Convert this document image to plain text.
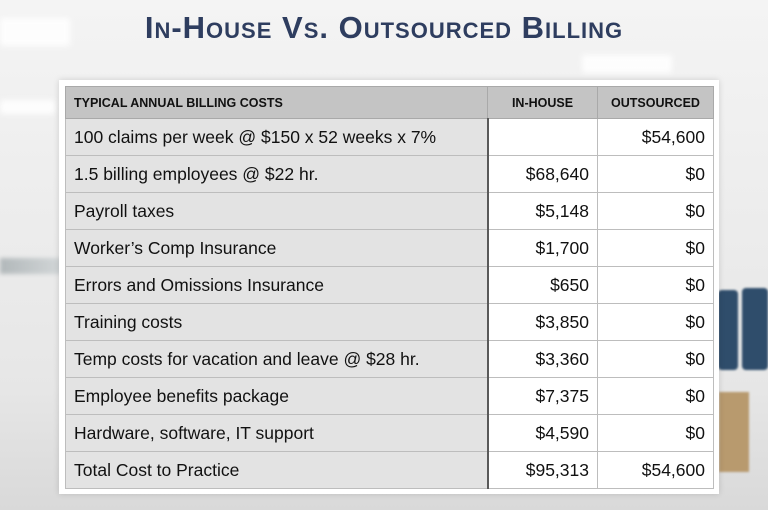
In-House Vs. Outsourced Billing
TYPICAL ANNUAL BILLING COSTS	IN-HOUSE	OUTSOURCED
100 claims per week @ $150 x 52 weeks x 7%		$54,600
1.5 billing employees @ $22 hr.	$68,640	$0
Payroll taxes	$5,148	$0
Worker’s Comp Insurance	$1,700	$0
Errors and Omissions Insurance	$650	$0
Training costs	$3,850	$0
Temp costs for vacation and leave @ $28 hr.	$3,360	$0
Employee benefits package	$7,375	$0
Hardware, software, IT support	$4,590	$0
Total Cost to Practice	$95,313	$54,600
